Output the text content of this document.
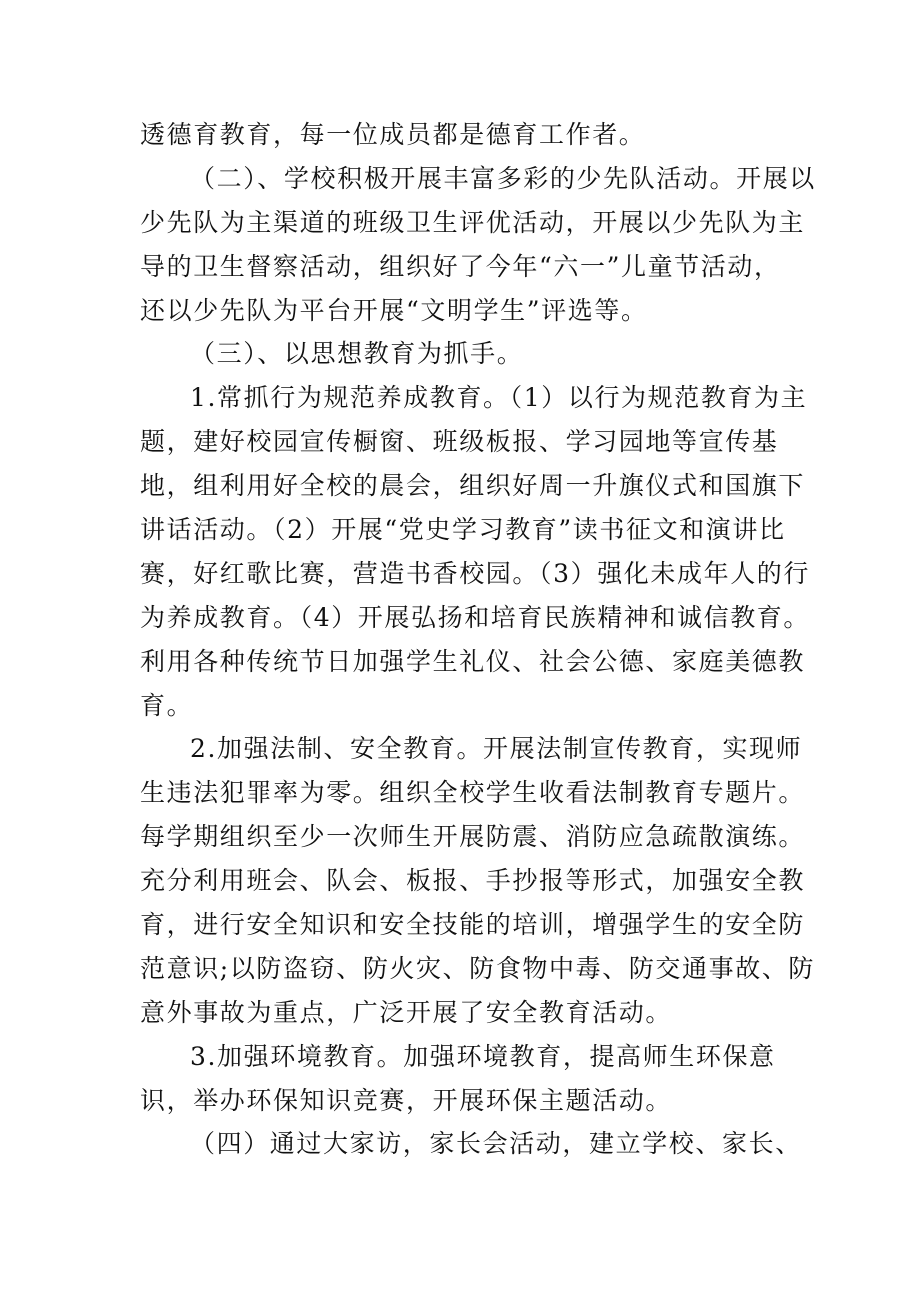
透德育教育，每一位成员都是德育工作者。
（二）、学校积极开展丰富多彩的少先队活动。开展以
少先队为主渠道的班级卫生评优活动，开展以少先队为主
导的卫生督察活动，组织好了今年“六一”儿童节活动，
还以少先队为平台开展“文明学生”评选等。
（三）、以思想教育为抓手。
1.常抓行为规范养成教育。（1）以行为规范教育为主
题，建好校园宣传橱窗、班级板报、学习园地等宣传基
地，组利用好全校的晨会，组织好周一升旗仪式和国旗下
讲话活动。（2）开展“党史学习教育”读书征文和演讲比
赛，好红歌比赛，营造书香校园。（3）强化未成年人的行
为养成教育。（4）开展弘扬和培育民族精神和诚信教育。
利用各种传统节日加强学生礼仪、社会公德、家庭美德教
育。
2.加强法制、安全教育。开展法制宣传教育，实现师
生违法犯罪率为零。组织全校学生收看法制教育专题片。
每学期组织至少一次师生开展防震、消防应急疏散演练。
充分利用班会、队会、板报、手抄报等形式，加强安全教
育，进行安全知识和安全技能的培训，增强学生的安全防
范意识;以防盗窃、防火灾、防食物中毒、防交通事故、防
意外事故为重点，广泛开展了安全教育活动。
3.加强环境教育。加强环境教育，提高师生环保意
识，举办环保知识竞赛，开展环保主题活动。
（四）通过大家访，家长会活动，建立学校、家长、
